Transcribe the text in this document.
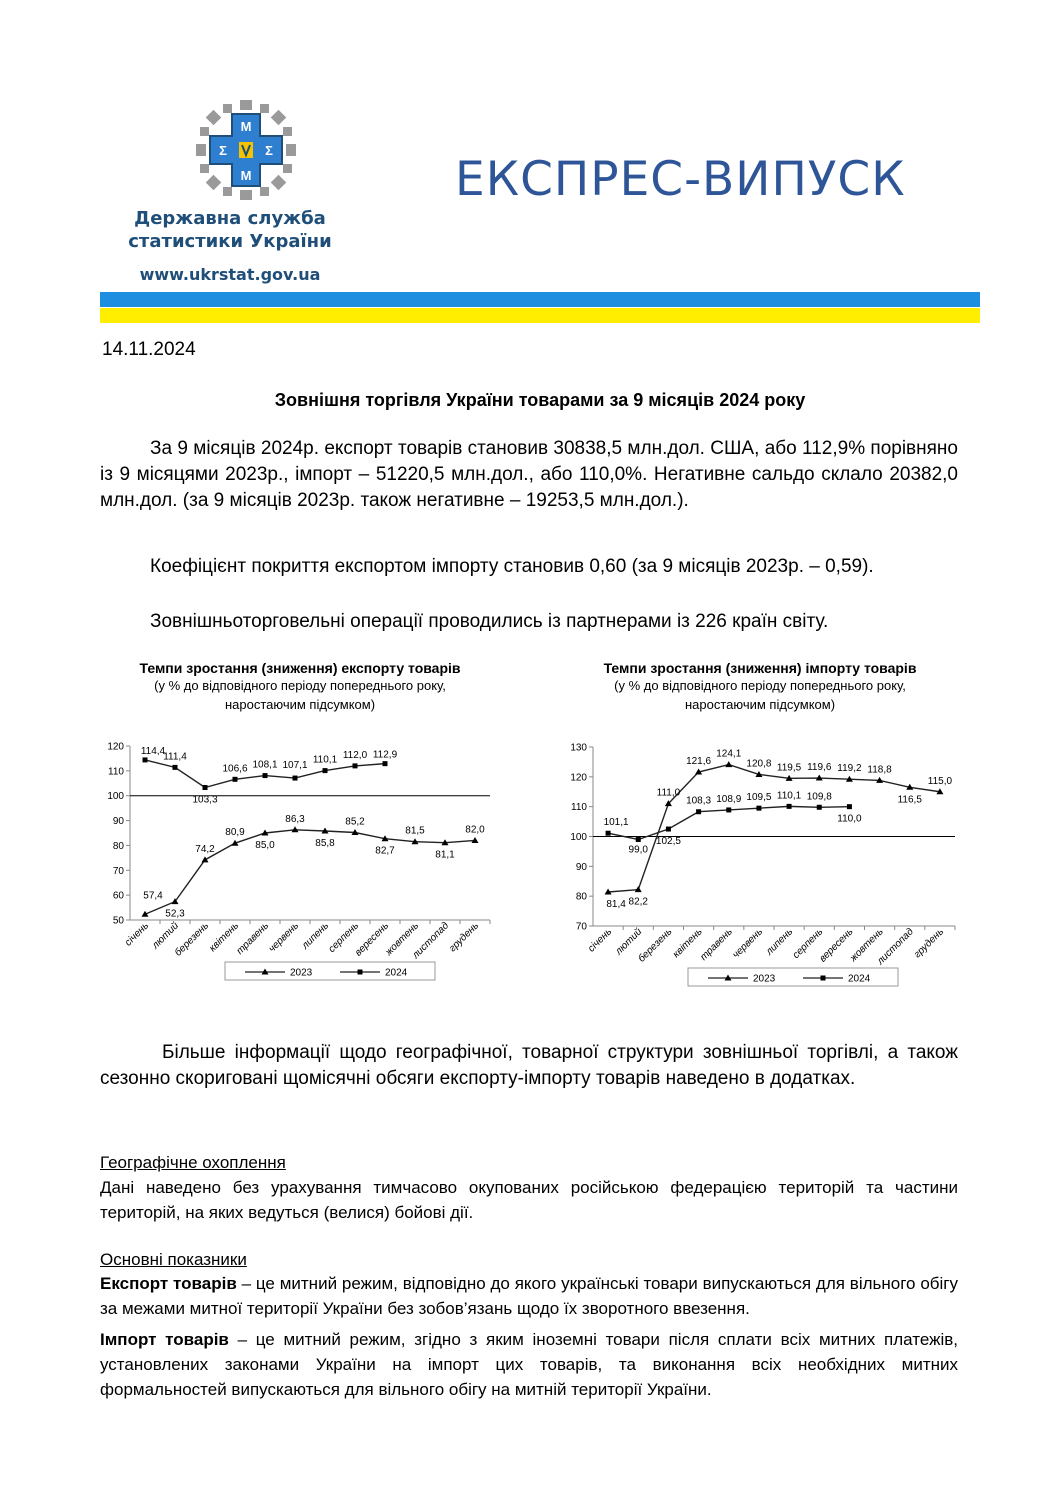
М
Σ	Σ
М
Державна служба
статистики України
www.ukrstat.gov.ua
ЕКСПРЕС-ВИПУСК
14.11.2024
Зовнішня торгівля України товарами за 9 місяців 2024 року
За 9 місяців 2024р. експорт товарів становив 30838,5 млн.дол. США, або 112,9% порівняно із 9 місяцями 2023р., імпорт – 51220,5 млн.дол., або 110,0%. Негативне сальдо склало 20382,0 млн.дол. (за 9 місяців 2023р. також негативне – 19253,5 млн.дол.).
Коефіцієнт покриття експортом імпорту становив 0,60 (за 9 місяців 2023р. – 0,59).
Зовнішньоторговельні операції проводились із партнерами із 226 країн світу.
Темпи зростання (зниження) експорту товарів
(у % до відповідного періоду попереднього року,
наростаючим підсумком)
50
60
70
80
90
100
110
120
січень лютий
березень
квітень
травень
червень
липень
серпень
вересень
жовтень
листопад
грудень
57,4
52,3
74,2
80,9
85,0
86,3
85,8
85,2
82,7
81,5
81,1
82,0
114,4
111,4
103,3
106,6 108,1 107,1 110,1 112,0 112,9
2023	2024
Темпи зростання (зниження) імпорту товарів
(у % до відповідного періоду попереднього року,
наростаючим підсумком)
70
80
90
100
110
120
130
січень лютий
березень
квітень
травень
червень липень
серпень
вересень
жовтень
листопад
грудень
81,4 82,2
111,0
121,6
124,1
120,8 119,5 119,6 119,2 118,8
116,5
115,0
101,1
99,0
102,5
108,3 108,9 109,5 110,1 109,8
110,0
2023	2024
Більше інформації щодо географічної, товарної структури зовнішньої торгівлі, а також сезонно скориговані щомісячні обсяги експорту-імпорту товарів наведено в додатках.
Географічне охоплення
Дані наведено без урахування тимчасово окупованих російською федерацією територій та частини територій, на яких ведуться (велися) бойові дії.
Основні показники
Експорт товарів – це митний режим, відповідно до якого українські товари випускаються для вільного обігу за межами митної території України без зобов’язань щодо їх зворотного ввезення.
Імпорт товарів – це митний режим, згідно з яким іноземні товари після сплати всіх митних платежів, установлених законами України на імпорт цих товарів, та виконання всіх необхідних митних формальностей випускаються для вільного обігу на митній території України.
